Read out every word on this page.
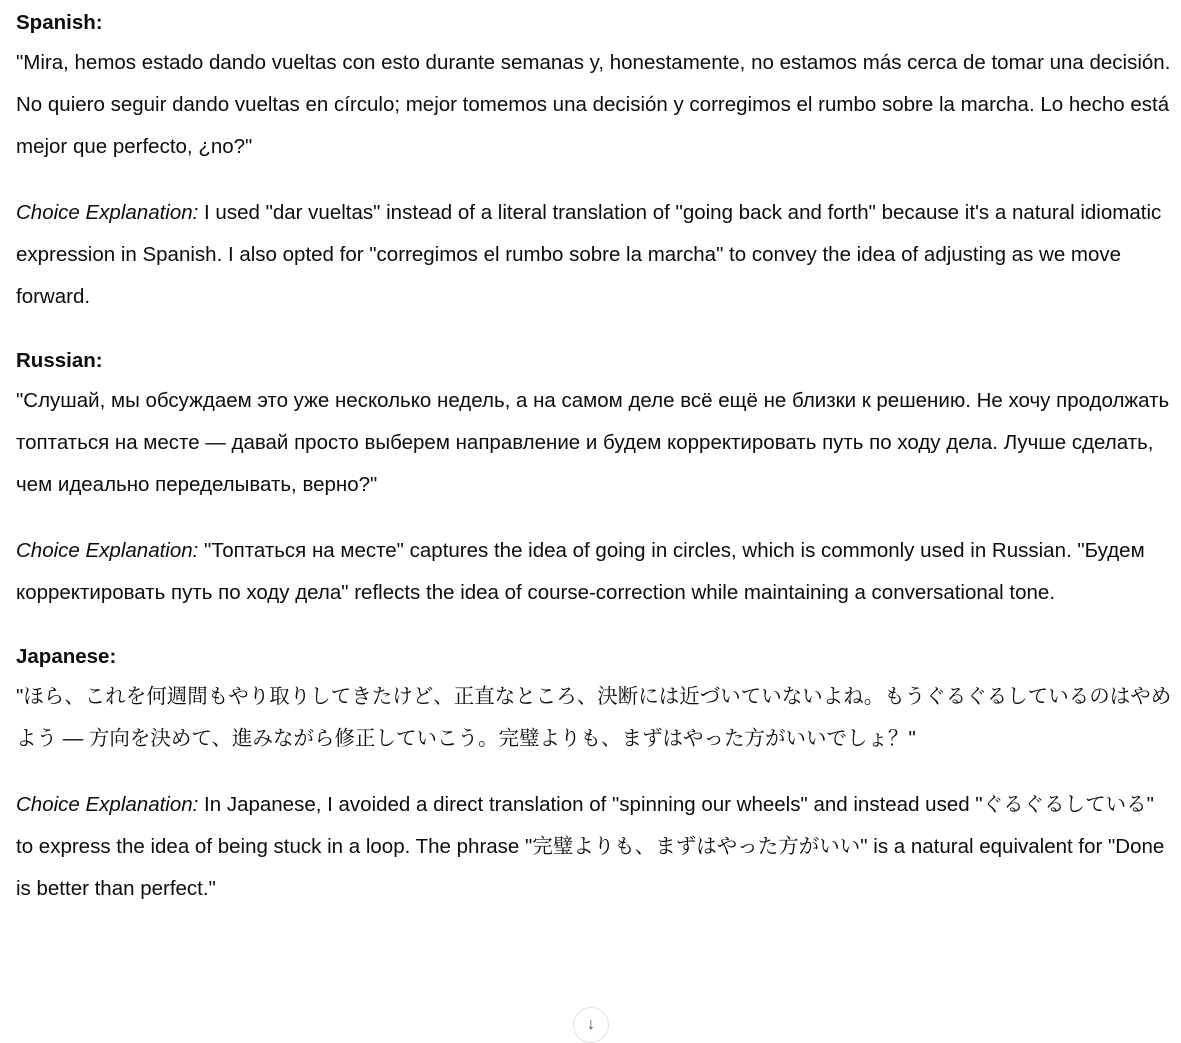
Spanish:

"Mira, hemos estado dando vueltas con esto durante semanas y, honestamente, no estamos más cerca de tomar una decisión. No quiero seguir dando vueltas en círculo; mejor tomemos una decisión y corregimos el rumbo sobre la marcha. Lo hecho está mejor que perfecto, ¿no?"

Choice Explanation: I used "dar vueltas" instead of a literal translation of "going back and forth" because it's a natural idiomatic expression in Spanish. I also opted for "corregimos el rumbo sobre la marcha" to convey the idea of adjusting as we move forward.

Russian:

"Слушай, мы обсуждаем это уже несколько недель, а на самом деле всё ещё не близки к решению. Не хочу продолжать топтаться на месте — давай просто выберем направление и будем корректировать путь по ходу дела. Лучше сделать, чем идеально переделывать, верно?"

Choice Explanation: "Топтаться на месте" captures the idea of going in circles, which is commonly used in Russian. "Будем корректировать путь по ходу дела" reflects the idea of course-correction while maintaining a conversational tone.

Japanese:

"ほら、これを何週間もやり取りしてきたけど、正直なところ、決断には近づいていないよね。もうぐるぐるしているのはやめよう — 方向を決めて、進みながら修正していこう。完璧よりも、まずはやった方がいいでしょ？"

Choice Explanation: In Japanese, I avoided a direct translation of "spinning our wheels" and instead used "ぐるぐるしている" to express the idea of being stuck in a loop. The phrase "完璧よりも、まずはやった方がいい" is a natural equivalent for "Done is better than perfect."

↓
